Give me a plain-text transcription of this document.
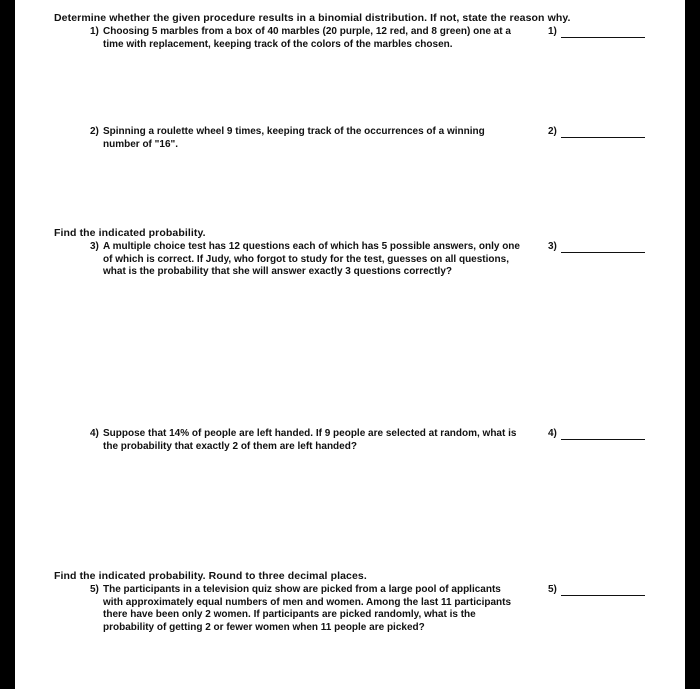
Determine whether the given procedure results in a binomial distribution. If not, state the reason why.
1) Choosing 5 marbles from a box of 40 marbles (20 purple, 12 red, and 8 green) one at a time with replacement, keeping track of the colors of the marbles chosen.
1)
2) Spinning a roulette wheel 9 times, keeping track of the occurrences of a winning number of "16".
2)
Find the indicated probability.
3) A multiple choice test has 12 questions each of which has 5 possible answers, only one of which is correct. If Judy, who forgot to study for the test, guesses on all questions, what is the probability that she will answer exactly 3 questions correctly?
3)
4) Suppose that 14% of people are left handed. If 9 people are selected at random, what is the probability that exactly 2 of them are left handed?
4)
Find the indicated probability. Round to three decimal places.
5) The participants in a television quiz show are picked from a large pool of applicants with approximately equal numbers of men and women. Among the last 11 participants there have been only 2 women. If participants are picked randomly, what is the probability of getting 2 or fewer women when 11 people are picked?
5)
